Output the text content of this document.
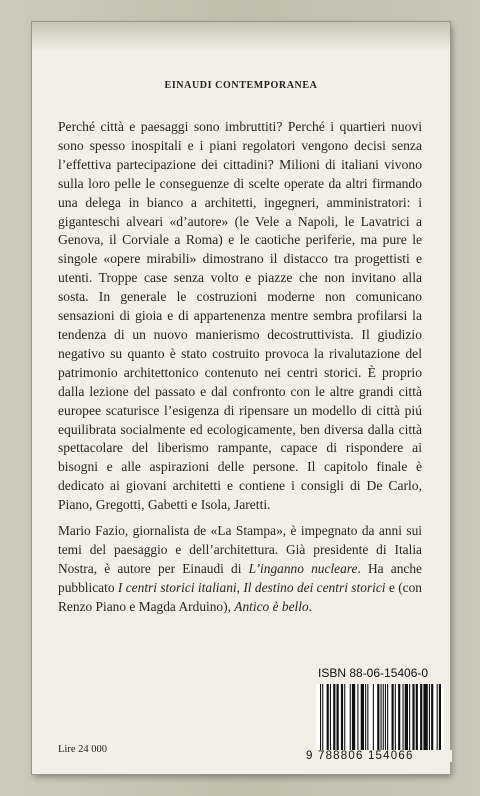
EINAUDI CONTEMPORANEA
Perché città e paesaggi sono imbruttiti? Perché i quartieri nuovi sono spesso inospitali e i piani regolatori vengono decisi senza l’effettiva partecipazione dei cittadini? Milioni di italiani vivono sulla loro pelle le conseguenze di scelte operate da altri firmando una delega in bianco a architetti, ingegneri, amministratori: i giganteschi alveari «d’autore» (le Vele a Napoli, le Lavatrici a Genova, il Corviale a Roma) e le caotiche periferie, ma pure le singole «opere mirabili» dimostrano il distacco tra progettisti e utenti. Troppe case senza volto e piazze che non invitano alla sosta. In generale le costruzioni moderne non comunicano sensazioni di gioia e di appartenenza mentre sembra profilarsi la tendenza di un nuovo manierismo decostruttivista. Il giudizio negativo su quanto è stato costruito provoca la rivalutazione del patrimonio architettonico contenuto nei centri storici. È proprio dalla lezione del passato e dal confronto con le altre grandi città europee scaturisce l’esigenza di ripensare un modello di città piú equilibrata socialmente ed ecologicamente, ben diversa dalla città spettacolare del liberismo rampante, capace di rispondere ai bisogni e alle aspirazioni delle persone. Il capitolo finale è dedicato ai giovani architetti e contiene i consigli di De Carlo, Piano, Gregotti, Gabetti e Isola, Jaretti.
Mario Fazio, giornalista de «La Stampa», è impegnato da anni sui temi del paesaggio e dell’architettura. Già presidente di Italia Nostra, è autore per Einaudi di L’inganno nucleare. Ha anche pubblicato I centri storici italiani, Il destino dei centri storici e (con Renzo Piano e Magda Arduino), Antico è bello.
Lire 24 000
ISBN 88-06-15406-0
9 788806 154066
